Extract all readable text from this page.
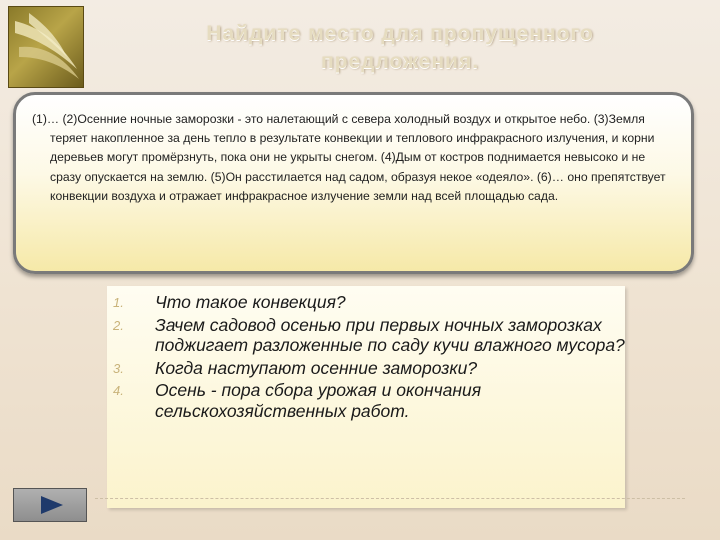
Найдите место для пропущенного
предложения.

(1)… (2)Осенние ночные заморозки - это налетающий с севера холодный воздух и открытое небо. (3)Земля теряет накопленное за день тепло в результате конвекции и теплового инфракрасного излучения, и корни деревьев могут промёрзнуть, пока они не укрыты снегом. (4)Дым от костров поднимается невысоко и не сразу опускается на землю. (5)Он расстилается над садом, образуя некое «одеяло». (6)… оно препятствует конвекции воздуха и отражает инфракрасное излучение земли над всей площадью сада.

1. Что такое конвекция?
2. Зачем садовод осенью при первых ночных заморозках поджигает разложенные по саду кучи влажного мусора?
3. Когда наступают осенние заморозки?
4. Осень - пора сбора урожая и окончания сельскохозяйственных работ.
